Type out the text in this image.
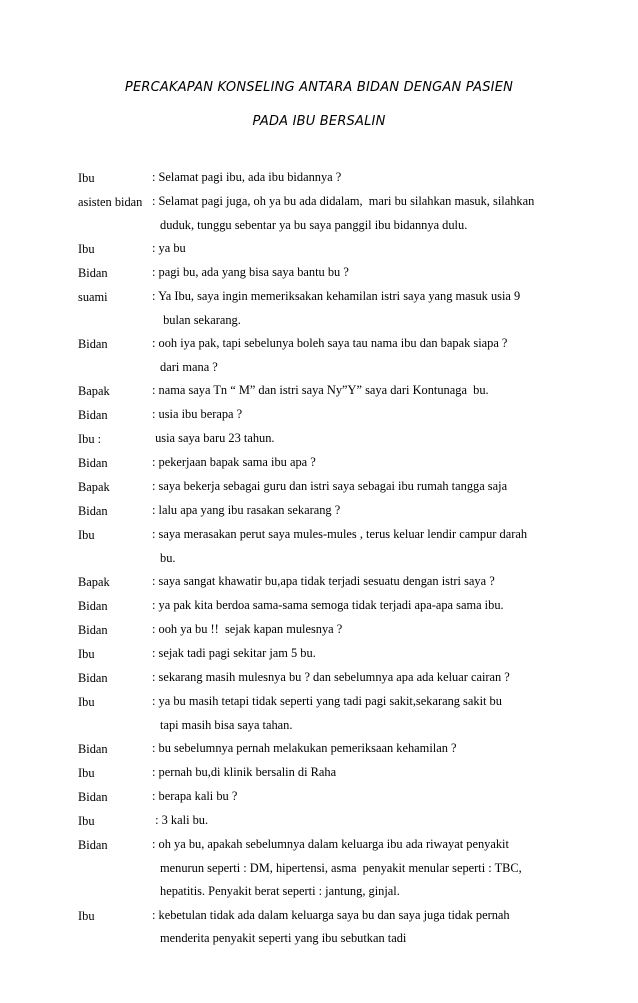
PERCAKAPAN KONSELING ANTARA BIDAN DENGAN PASIEN
PADA IBU BERSALIN
Ibu	: Selamat pagi ibu, ada ibu bidannya ?
asisten bidan : Selamat pagi juga, oh ya bu ada didalam,  mari bu silahkan masuk, silahkan
duduk, tunggu sebentar ya bu saya panggil ibu bidannya dulu.
Ibu	: ya bu
Bidan	: pagi bu, ada yang bisa saya bantu bu ?
suami	: Ya Ibu, saya ingin memeriksakan kehamilan istri saya yang masuk usia 9
bulan sekarang.
Bidan	: ooh iya pak, tapi sebelunya boleh saya tau nama ibu dan bapak siapa ?
dari mana ?
Bapak	: nama saya Tn “ M” dan istri saya Ny”Y” saya dari Kontunaga  bu.
Bidan	: usia ibu berapa ?
Ibu :	usia saya baru 23 tahun.
Bidan	: pekerjaan bapak sama ibu apa ?
Bapak	: saya bekerja sebagai guru dan istri saya sebagai ibu rumah tangga saja
Bidan	: lalu apa yang ibu rasakan sekarang ?
Ibu	: saya merasakan perut saya mules-mules , terus keluar lendir campur darah
bu.
Bapak	: saya sangat khawatir bu,apa tidak terjadi sesuatu dengan istri saya ?
Bidan	: ya pak kita berdoa sama-sama semoga tidak terjadi apa-apa sama ibu.
Bidan	: ooh ya bu !!  sejak kapan mulesnya ?
Ibu	: sejak tadi pagi sekitar jam 5 bu.
Bidan	: sekarang masih mulesnya bu ? dan sebelumnya apa ada keluar cairan ?
Ibu	: ya bu masih tetapi tidak seperti yang tadi pagi sakit,sekarang sakit bu
tapi masih bisa saya tahan.
Bidan	: bu sebelumnya pernah melakukan pemeriksaan kehamilan ?
Ibu	: pernah bu,di klinik bersalin di Raha
Bidan	: berapa kali bu ?
Ibu	: 3 kali bu.
Bidan	: oh ya bu, apakah sebelumnya dalam keluarga ibu ada riwayat penyakit
menurun seperti : DM, hipertensi, asma  penyakit menular seperti : TBC,
hepatitis. Penyakit berat seperti : jantung, ginjal.
Ibu	: kebetulan tidak ada dalam keluarga saya bu dan saya juga tidak pernah
menderita penyakit seperti yang ibu sebutkan tadi
